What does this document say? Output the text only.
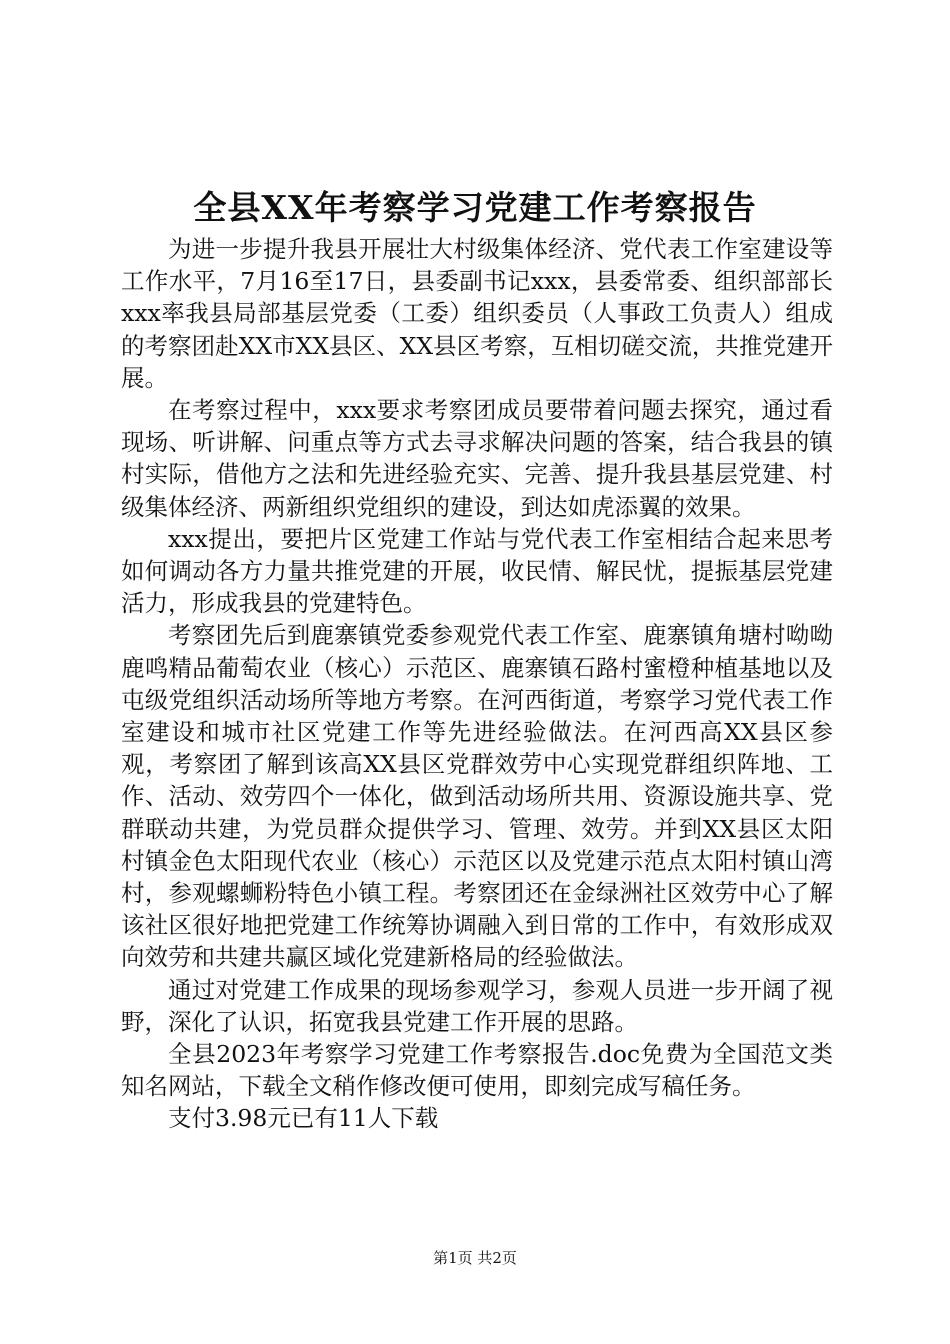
全县XX年考察学习党建工作考察报告

为进一步提升我县开展壮大村级集体经济、党代表工作室建设等工作水平，7月16至17日，县委副书记xxx，县委常委、组织部部长xxx率我县局部基层党委（工委）组织委员（人事政工负责人）组成的考察团赴XX市XX县区、XX县区考察，互相切磋交流，共推党建开展。

在考察过程中，xxx要求考察团成员要带着问题去探究，通过看现场、听讲解、问重点等方式去寻求解决问题的答案，结合我县的镇村实际，借他方之法和先进经验充实、完善、提升我县基层党建、村级集体经济、两新组织党组织的建设，到达如虎添翼的效果。

xxx提出，要把片区党建工作站与党代表工作室相结合起来思考如何调动各方力量共推党建的开展，收民情、解民忧，提振基层党建活力，形成我县的党建特色。

考察团先后到鹿寨镇党委参观党代表工作室、鹿寨镇角塘村呦呦鹿鸣精品葡萄农业（核心）示范区、鹿寨镇石路村蜜橙种植基地以及屯级党组织活动场所等地方考察。在河西街道，考察学习党代表工作室建设和城市社区党建工作等先进经验做法。在河西高XX县区参观，考察团了解到该高XX县区党群效劳中心实现党群组织阵地、工作、活动、效劳四个一体化，做到活动场所共用、资源设施共享、党群联动共建，为党员群众提供学习、管理、效劳。并到XX县区太阳村镇金色太阳现代农业（核心）示范区以及党建示范点太阳村镇山湾村，参观螺蛳粉特色小镇工程。考察团还在金绿洲社区效劳中心了解该社区很好地把党建工作统筹协调融入到日常的工作中，有效形成双向效劳和共建共赢区域化党建新格局的经验做法。

通过对党建工作成果的现场参观学习，参观人员进一步开阔了视野，深化了认识，拓宽我县党建工作开展的思路。

全县2023年考察学习党建工作考察报告.doc免费为全国范文类知名网站，下载全文稍作修改便可使用，即刻完成写稿任务。

支付3.98元已有11人下载

第1页 共2页
